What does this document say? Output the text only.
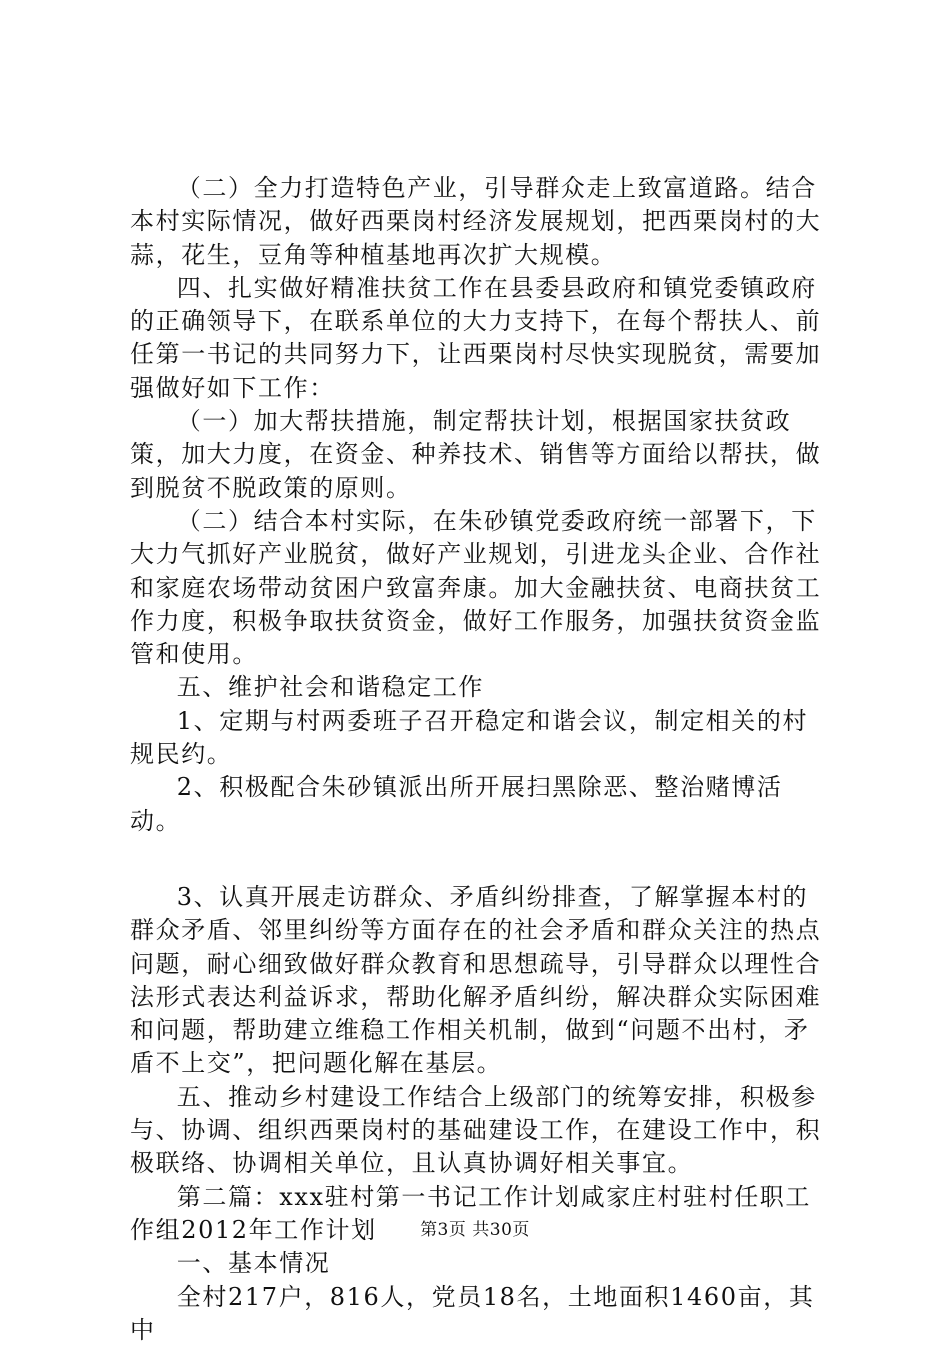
（二）全力打造特色产业，引导群众走上致富道路。结合本村实际情况，做好西栗岗村经济发展规划，把西栗岗村的大蒜，花生，豆角等种植基地再次扩大规模。

四、扎实做好精准扶贫工作在县委县政府和镇党委镇政府的正确领导下，在联系单位的大力支持下，在每个帮扶人、前任第一书记的共同努力下，让西栗岗村尽快实现脱贫，需要加强做好如下工作：

（一）加大帮扶措施，制定帮扶计划，根据国家扶贫政策，加大力度，在资金、种养技术、销售等方面给以帮扶，做到脱贫不脱政策的原则。

（二）结合本村实际，在朱砂镇党委政府统一部署下，下大力气抓好产业脱贫，做好产业规划，引进龙头企业、合作社和家庭农场带动贫困户致富奔康。加大金融扶贫、电商扶贫工作力度，积极争取扶贫资金，做好工作服务，加强扶贫资金监管和使用。

五、维护社会和谐稳定工作

1、定期与村两委班子召开稳定和谐会议，制定相关的村规民约。

2、积极配合朱砂镇派出所开展扫黑除恶、整治赌博活动。

3、认真开展走访群众、矛盾纠纷排查，了解掌握本村的群众矛盾、邻里纠纷等方面存在的社会矛盾和群众关注的热点问题，耐心细致做好群众教育和思想疏导，引导群众以理性合法形式表达利益诉求，帮助化解矛盾纠纷，解决群众实际困难和问题，帮助建立维稳工作相关机制，做到“问题不出村，矛盾不上交”，把问题化解在基层。

五、推动乡村建设工作结合上级部门的统筹安排，积极参与、协调、组织西栗岗村的基础建设工作，在建设工作中，积极联络、协调相关单位，且认真协调好相关事宜。

第二篇：xxx驻村第一书记工作计划咸家庄村驻村任职工作组2012年工作计划

一、基本情况

全村217户，816人，党员18名，土地面积1460亩，其中

第3页 共30页
